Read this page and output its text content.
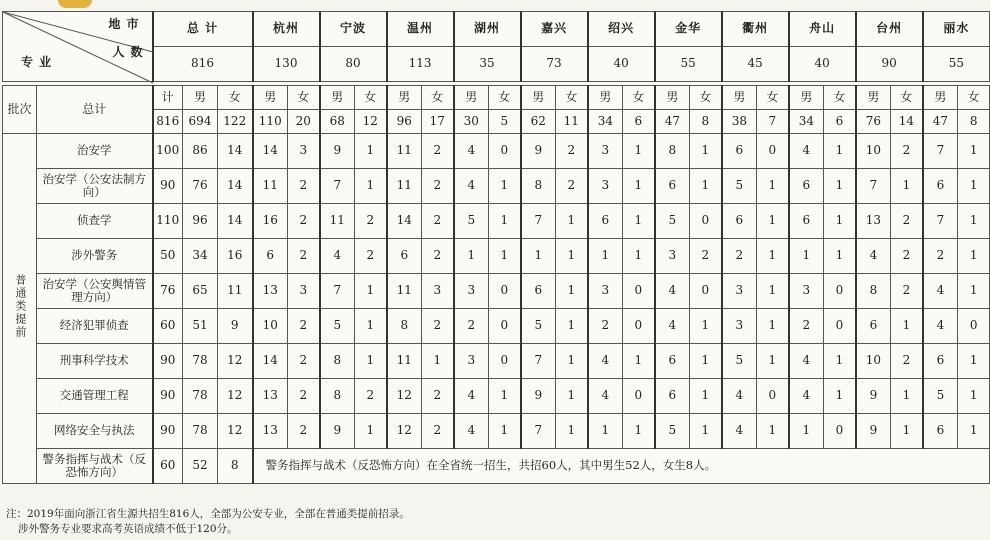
地 市
人 数
专 业		总 计			杭州		宁波		温州		湖州		嘉兴		绍兴		金华		衢州		舟山		台州		丽水	
		816			130		80		113		35		73		40		55		45		40		90		55	

批次	总计	计	男	女	男	女	男	女	男	女	男	女	男	女	男	女	男	女	男	女	男	女	男	女	男	女
		816	694	122	110	20	68	12	96	17	30	5	62	11	34	6	47	8	38	7	34	6	76	14	47	8
普通类提前	治安学	100	86	14	14	3	9	1	11	2	4	0	9	2	3	1	8	1	6	0	4	1	10	2	7	1
	治安学（公安法制方向）	90	76	14	11	2	7	1	11	2	4	1	8	2	3	1	6	1	5	1	6	1	7	1	6	1
	侦查学	110	96	14	16	2	11	2	14	2	5	1	7	1	6	1	5	0	6	1	6	1	13	2	7	1
	涉外警务	50	34	16	6	2	4	2	6	2	1	1	1	1	1	1	3	2	2	1	1	1	4	2	2	1
	治安学（公安舆情管理方向）	76	65	11	13	3	7	1	11	3	3	0	6	1	3	0	4	0	3	1	3	0	8	2	4	1
	经济犯罪侦查	60	51	9	10	2	5	1	8	2	2	0	5	1	2	0	4	1	3	1	2	0	6	1	4	0
	刑事科学技术	90	78	12	14	2	8	1	11	1	3	0	7	1	4	1	6	1	5	1	4	1	10	2	6	1
	交通管理工程	90	78	12	13	2	8	2	12	2	4	1	9	1	4	0	6	1	4	0	4	1	9	1	5	1
	网络安全与执法	90	78	12	13	2	9	1	12	2	4	1	7	1	1	1	5	1	4	1	1	0	9	1	6	1
	警务指挥与战术（反恐怖方向）	60	52	8	警务指挥与战术（反恐怖方向）在全省统一招生，共招60人，其中男生52人，女生8人。																					
注：2019年面向浙江省生源共招生816人，全部为公安专业，全部在普通类提前招录。
涉外警务专业要求高考英语成绩不低于120分。
